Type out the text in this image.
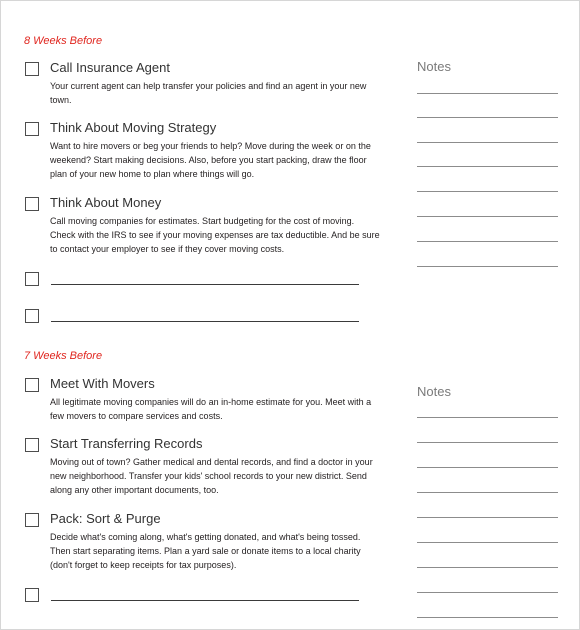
8 Weeks Before
Call Insurance Agent
Your current agent can help transfer your policies and find an agent in your new town.
Think About Moving Strategy
Want to hire movers or beg your friends to help? Move during the week or on the weekend? Start making decisions. Also, before you start packing, draw the floor plan of your new home to plan where things will go.
Think About Money
Call moving companies for estimates. Start budgeting for the cost of moving. Check with the IRS to see if your moving expenses are tax deductible. And be sure to contact your employer to see if they cover moving costs.
Notes
7 Weeks Before
Meet With Movers
All legitimate moving companies will do an in-home estimate for you. Meet with a few movers to compare services and costs.
Start Transferring Records
Moving out of town? Gather medical and dental records, and find a doctor in your new neighborhood. Transfer your kids' school records to your new district. Send along any other important documents, too.
Pack: Sort & Purge
Decide what's coming along, what's getting donated, and what's being tossed. Then start separating items. Plan a yard sale or donate items to a local charity (don't forget to keep receipts for tax purposes).
Notes
